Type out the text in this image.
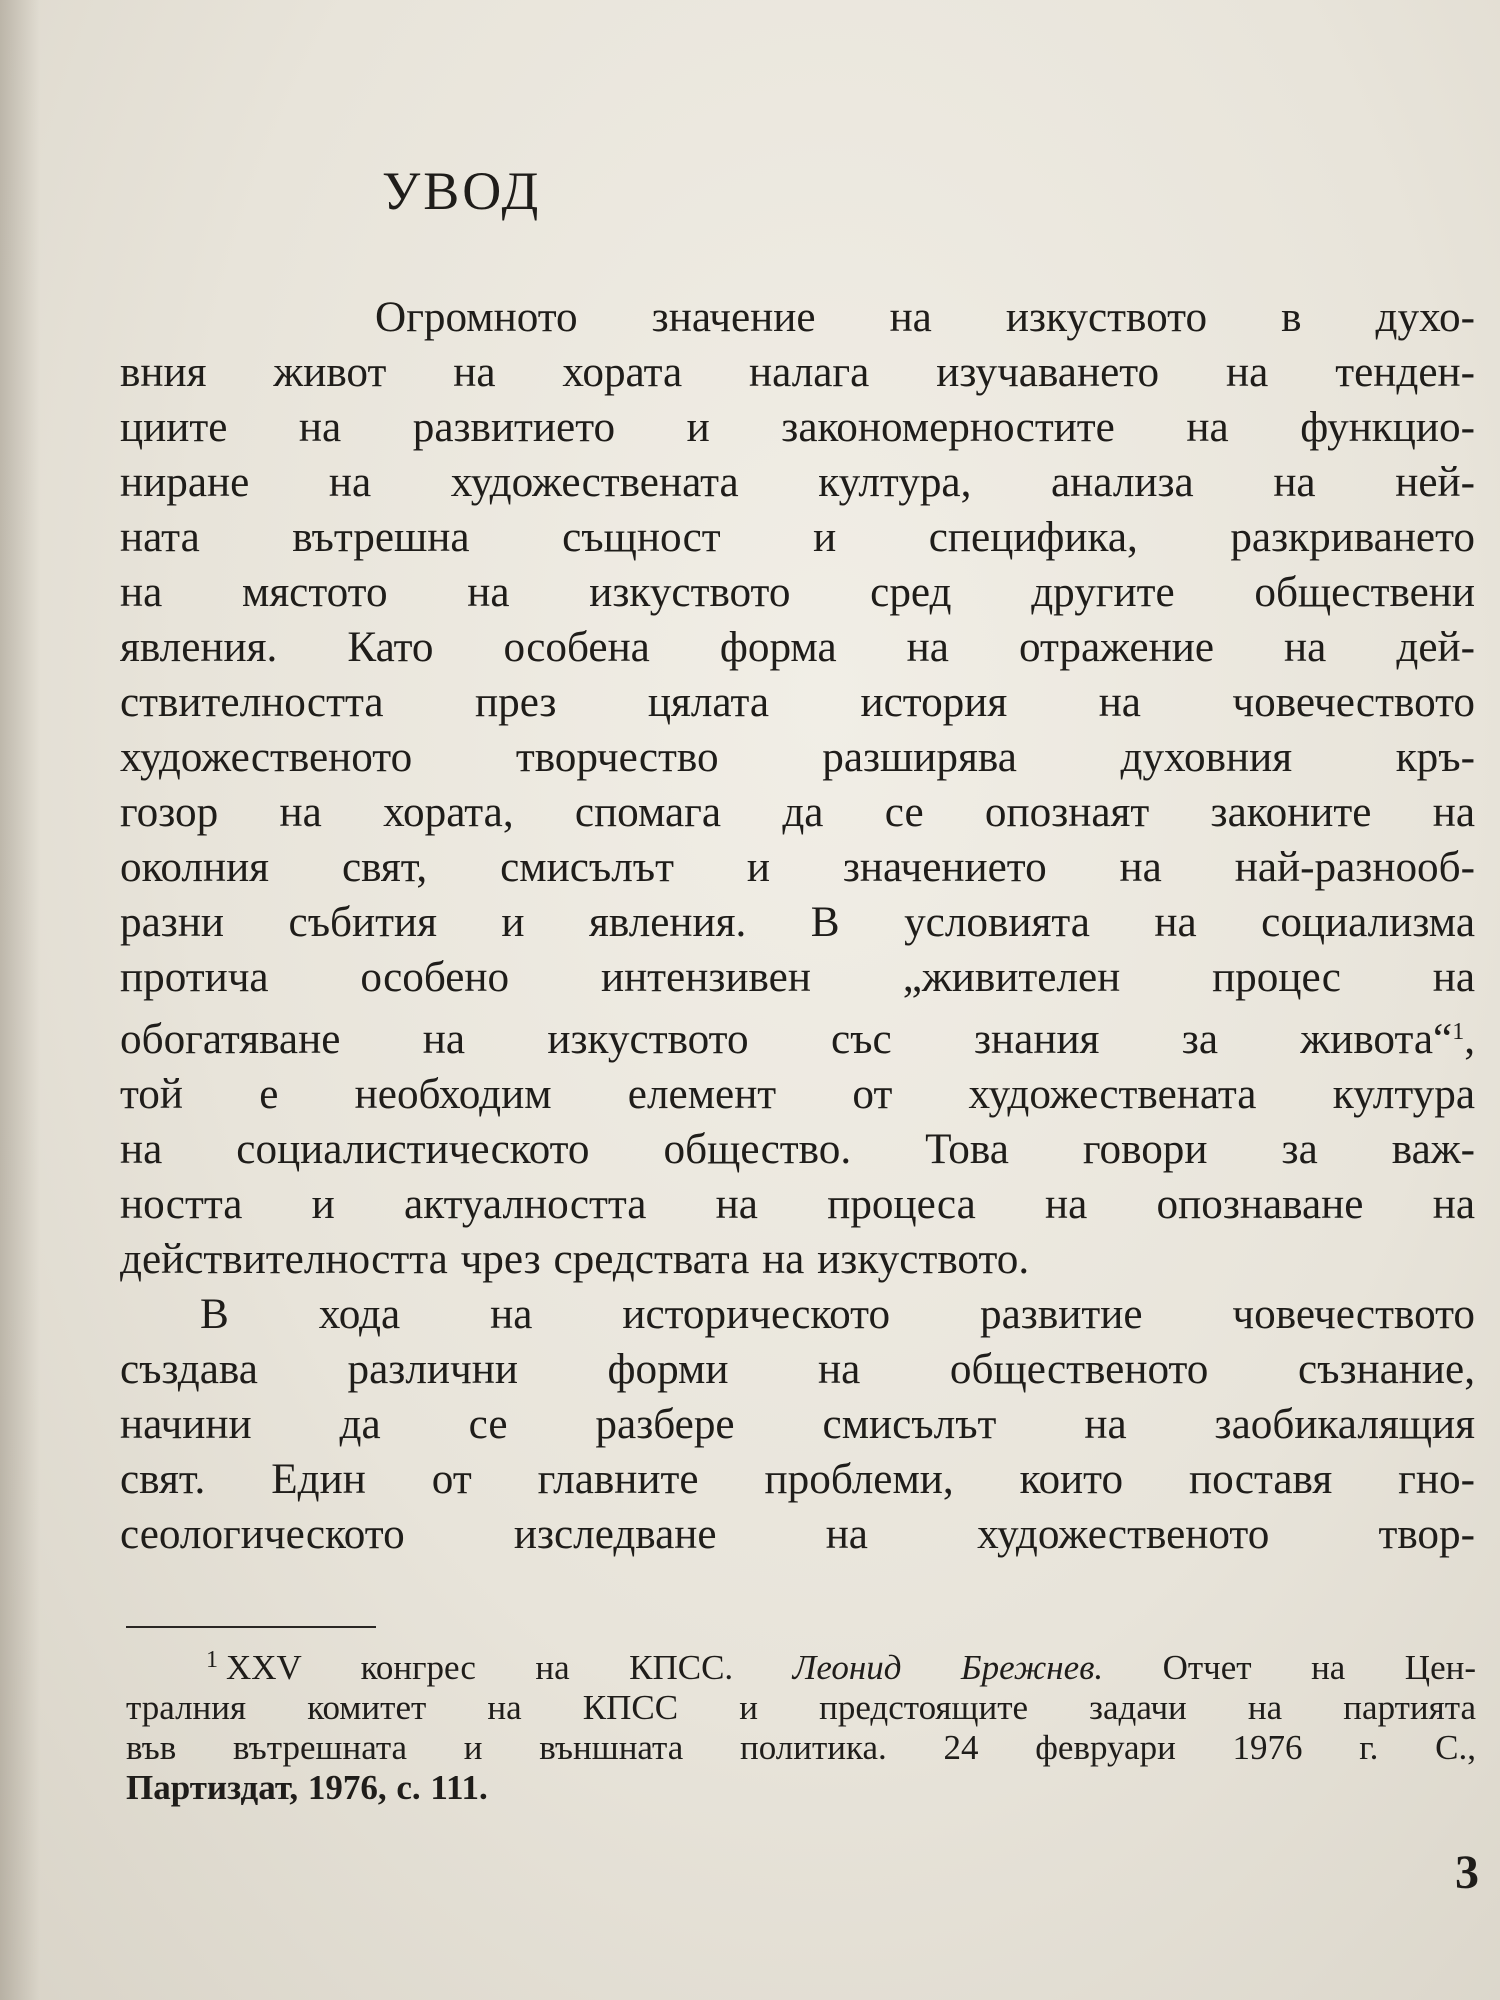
УВОД

Огромното значение на изкуството в духо-
вния живот на хората налага изучаването на тенден-
циите на развитието и закономерностите на функцио-
ниране на художествената култура, анализа на ней-
ната вътрешна същност и специфика, разкриването
на мястото на изкуството сред другите обществени
явления. Като особена форма на отражение на дей-
ствителността през цялата история на човечеството
художественото творчество разширява духовния кръ-
гозор на хората, спомага да се опознаят законите на
околния свят, смисълът и значението на най-разнооб-
разни събития и явления. В условията на социализма
протича особено интензивен „живителен процес на
обогатяване на изкуството със знания за живота“$^1$,
той е необходим елемент от художествената култура
на социалистическото общество. Това говори за важ-
ността и актуалността на процеса на опознаване на
действителността чрез средствата на изкуството.

В хода на историческото развитие човечеството
създава различни форми на общественото съзнание,
начини да се разбере смисълът на заобикалящия
свят. Един от главните проблеми, които поставя гно-
сеологическото изследване на художественото твор-

$^1$ XXV конгрес на КПСС. Леонид Брежнев. Отчет на Цен-
тралния комитет на КПСС и предстоящите задачи на партията
във вътрешната и външната политика. 24 февруари 1976 г. С.,
Партиздат, 1976, с. 111.
3
